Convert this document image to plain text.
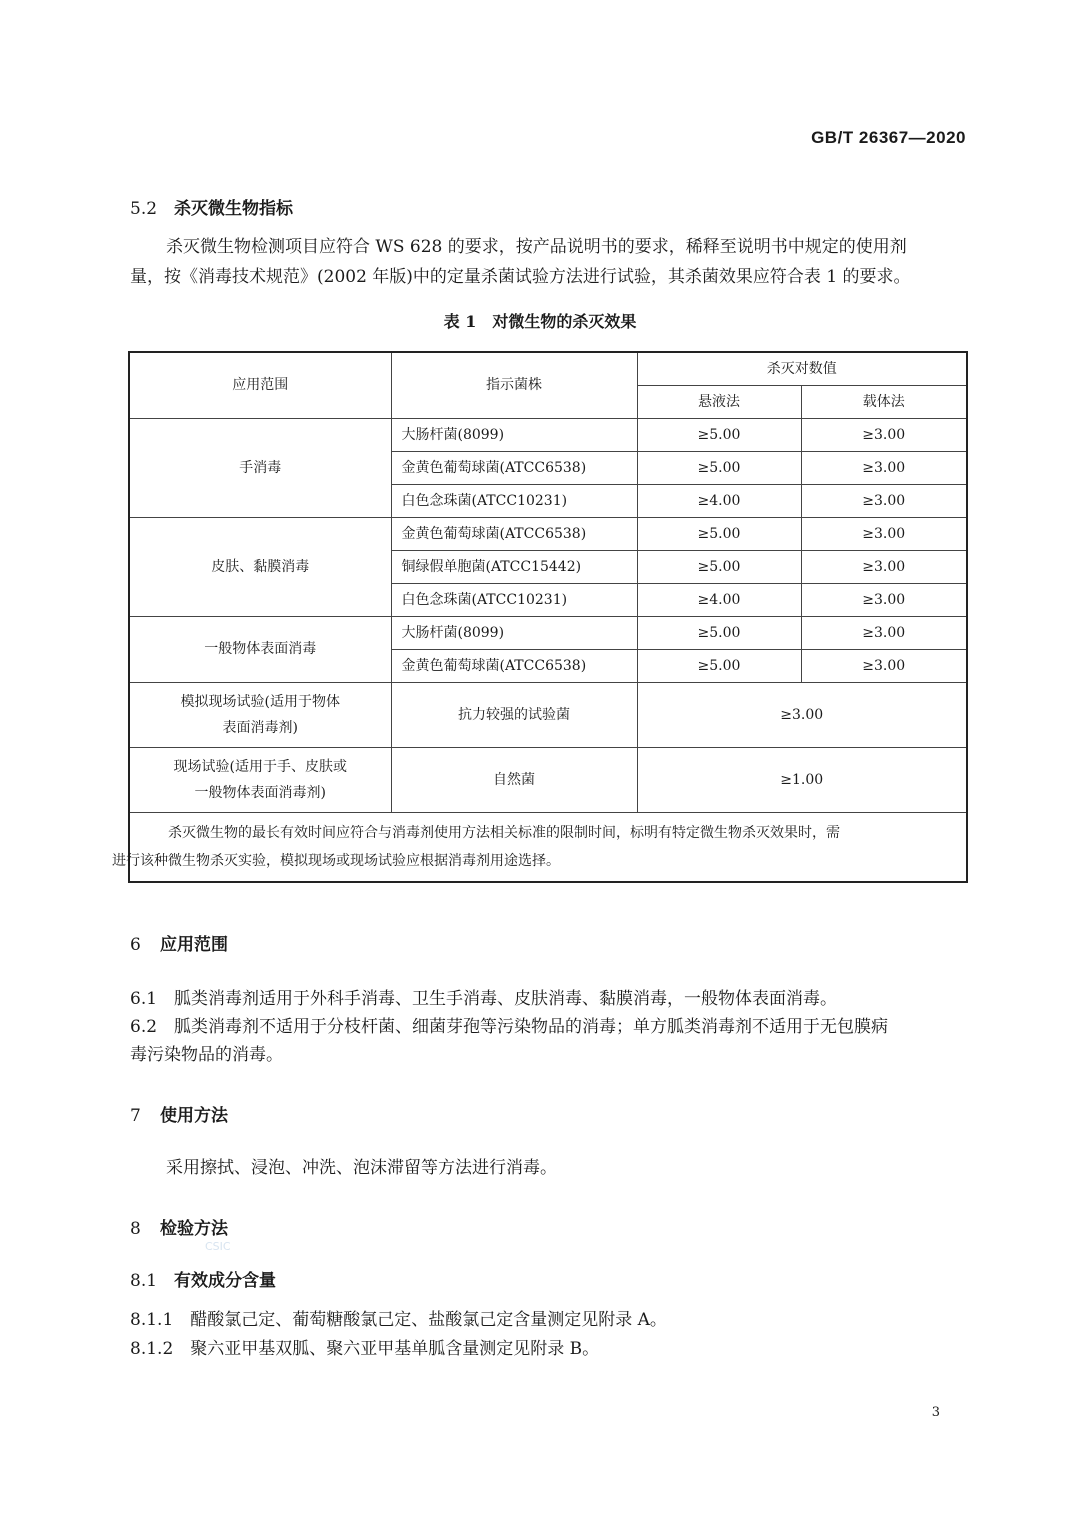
GB/T 26367—2020
5.2 杀灭微生物指标
杀灭微生物检测项目应符合 WS 628 的要求，按产品说明书的要求，稀释至说明书中规定的使用剂
量，按《消毒技术规范》(2002 年版)中的定量杀菌试验方法进行试验，其杀菌效果应符合表 1 的要求。
表 1　对微生物的杀灭效果
应用范围	指示菌株	杀灭对数值	
		悬液法	载体法
手消毒	大肠杆菌(8099)	≥5.00	≥3.00
	金黄色葡萄球菌(ATCC6538)	≥5.00	≥3.00
	白色念珠菌(ATCC10231)	≥4.00	≥3.00
皮肤、黏膜消毒	金黄色葡萄球菌(ATCC6538)	≥5.00	≥3.00
	铜绿假单胞菌(ATCC15442)	≥5.00	≥3.00
	白色念珠菌(ATCC10231)	≥4.00	≥3.00
一般物体表面消毒	大肠杆菌(8099)	≥5.00	≥3.00
	金黄色葡萄球菌(ATCC6538)	≥5.00	≥3.00

模拟现场试验(适用于物体
表面消毒剂)	抗力较强的试验菌	≥3.00	

现场试验(适用于手、皮肤或
一般物体表面消毒剂)	自然菌	≥1.00	
杀灭微生物的最长有效时间应符合与消毒剂使用方法相关标准的限制时间，标明有特定微生物杀灭效果时，需
进行该种微生物杀灭实验，模拟现场或现场试验应根据消毒剂用途选择。			
6 应用范围
6.1　胍类消毒剂适用于外科手消毒、卫生手消毒、皮肤消毒、黏膜消毒，一般物体表面消毒。
6.2　胍类消毒剂不适用于分枝杆菌、细菌芽孢等污染物品的消毒；单方胍类消毒剂不适用于无包膜病
毒污染物品的消毒。
7 使用方法
采用擦拭、浸泡、冲洗、泡沫滞留等方法进行消毒。
8 检验方法
CSIC
8.1 有效成分含量
8.1.1　醋酸氯己定、葡萄糖酸氯己定、盐酸氯己定含量测定见附录 A。
8.1.2　聚六亚甲基双胍、聚六亚甲基单胍含量测定见附录 B。
3
